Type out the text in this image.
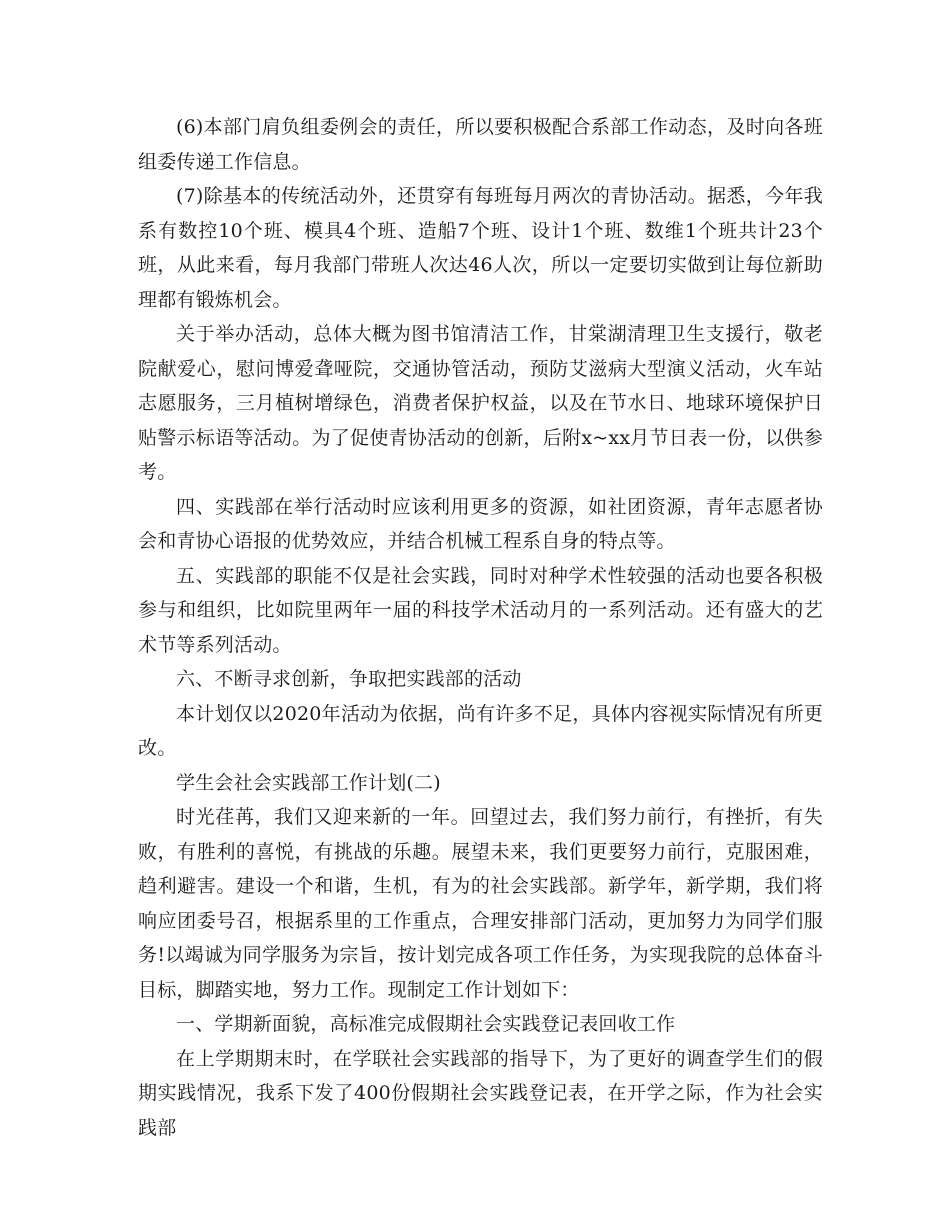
(6)本部门肩负组委例会的责任，所以要积极配合系部工作动态，及时向各班组委传递工作信息。

(7)除基本的传统活动外，还贯穿有每班每月两次的青协活动。据悉，今年我系有数控10个班、模具4个班、造船7个班、设计1个班、数维1个班共计23个班，从此来看，每月我部门带班人次达46人次，所以一定要切实做到让每位新助理都有锻炼机会。

关于举办活动，总体大概为图书馆清洁工作，甘棠湖清理卫生支援行，敬老院献爱心，慰问博爱聋哑院，交通协管活动，预防艾滋病大型演义活动，火车站志愿服务，三月植树增绿色，消费者保护权益，以及在节水日、地球环境保护日贴警示标语等活动。为了促使青协活动的创新，后附x~xx月节日表一份，以供参考。

四、实践部在举行活动时应该利用更多的资源，如社团资源，青年志愿者协会和青协心语报的优势效应，并结合机械工程系自身的特点等。

五、实践部的职能不仅是社会实践，同时对种学术性较强的活动也要各积极参与和组织，比如院里两年一届的科技学术活动月的一系列活动。还有盛大的艺术节等系列活动。

六、不断寻求创新，争取把实践部的活动

本计划仅以2020年活动为依据，尚有许多不足，具体内容视实际情况有所更改。

学生会社会实践部工作计划(二)

时光荏苒，我们又迎来新的一年。回望过去，我们努力前行，有挫折，有失败，有胜利的喜悦，有挑战的乐趣。展望未来，我们更要努力前行，克服困难，趋利避害。建设一个和谐，生机，有为的社会实践部。新学年，新学期，我们将响应团委号召，根据系里的工作重点，合理安排部门活动，更加努力为同学们服务!以竭诚为同学服务为宗旨，按计划完成各项工作任务，为实现我院的总体奋斗目标，脚踏实地，努力工作。现制定工作计划如下：

一、学期新面貌，高标准完成假期社会实践登记表回收工作

在上学期期末时，在学联社会实践部的指导下，为了更好的调查学生们的假期实践情况，我系下发了400份假期社会实践登记表，在开学之际，作为社会实践部
